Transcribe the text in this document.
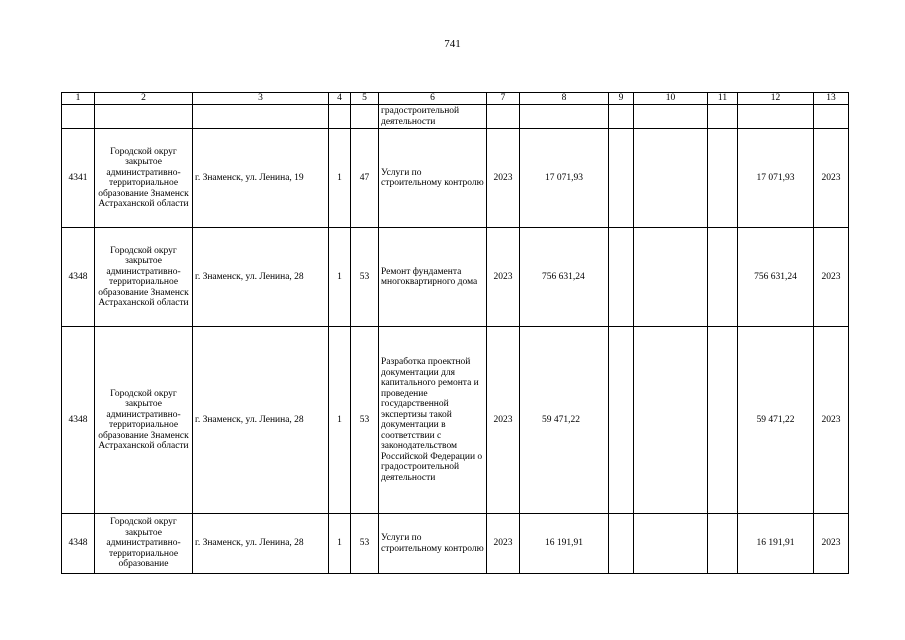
741
1	2	3	4	5	6	7	8	9	10	11	12	13
					градостроительной деятельности							
4341	Городской округ закрытое административно-территориальное образование Знаменск Астраханской области	г. Знаменск, ул. Ленина, 19	1	47	Услуги по строительному контролю	2023	17 071,93				17 071,93	2023
4348	Городской округ закрытое административно-территориальное образование Знаменск Астраханской области	г. Знаменск, ул. Ленина, 28	1	53	Ремонт фундамента многоквартирного дома	2023	756 631,24				756 631,24	2023
4348	Городской округ закрытое административно-территориальное образование Знаменск Астраханской области	г. Знаменск, ул. Ленина, 28	1	53	Разработка проектной документации для капитального ремонта и проведение государственной экспертизы такой документации в соответствии с законодательством Российской Федерации о градостроительной деятельности	2023	59 471,22				59 471,22	2023
4348	Городской округ закрытое административно-территориальное образование	г. Знаменск, ул. Ленина, 28	1	53	Услуги по строительному контролю	2023	16 191,91				16 191,91	2023
